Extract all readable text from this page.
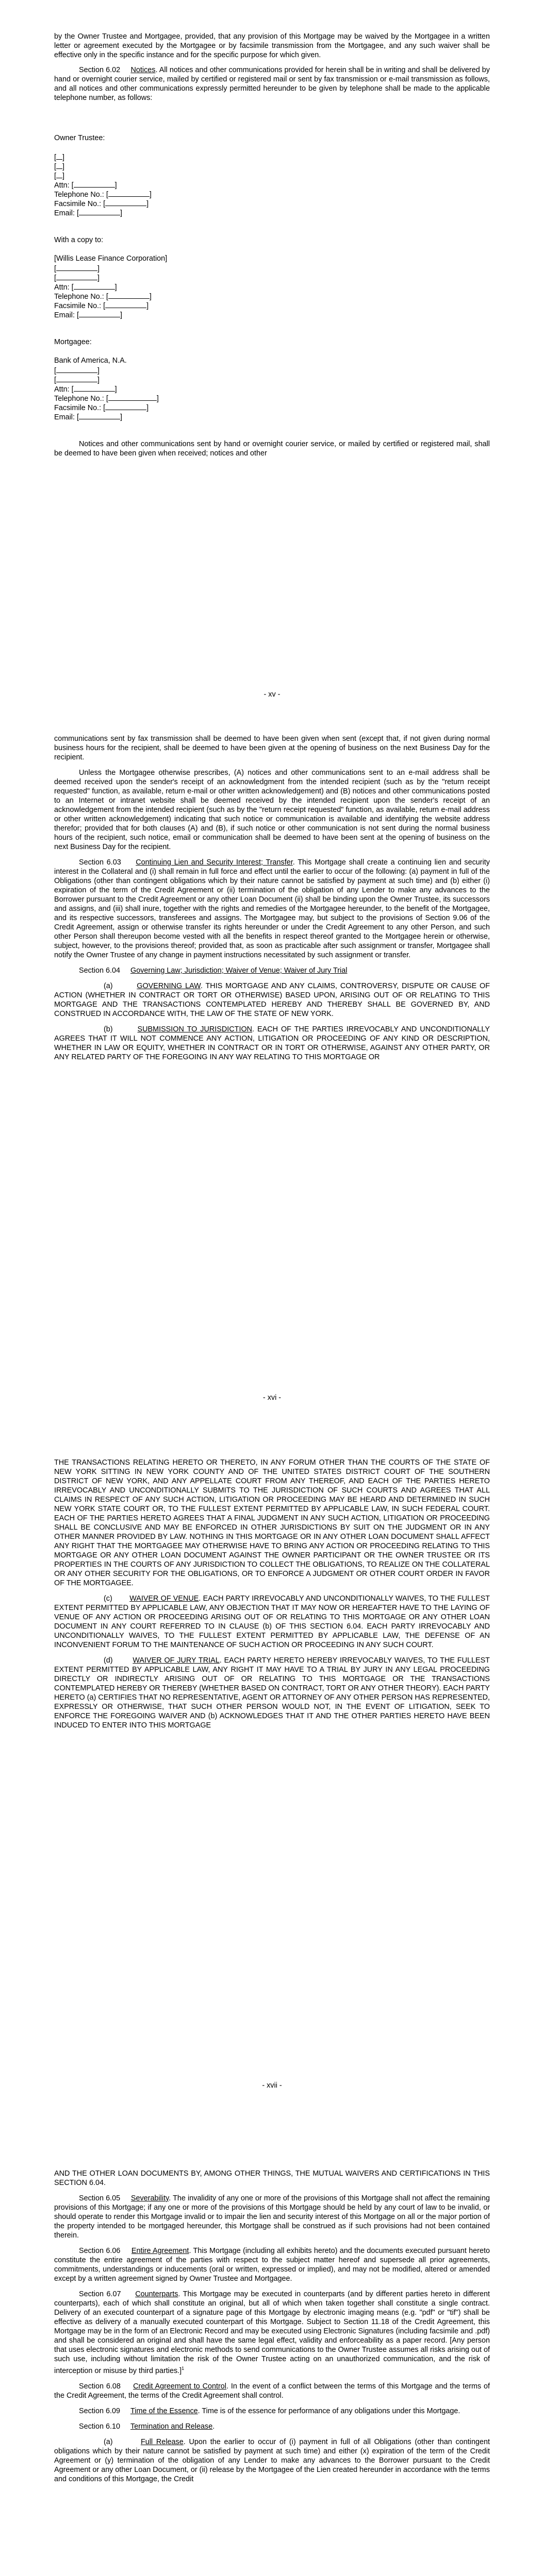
by the Owner Trustee and Mortgagee, provided, that any provision of this Mortgage may be waived by the Mortgagee in a written letter or agreement executed by the Mortgagee or by facsimile transmission from the Mortgagee, and any such waiver shall be effective only in the specific instance and for the specific purpose for which given.

Section 6.02 Notices. All notices and other communications provided for herein shall be in writing and shall be delivered by hand or overnight courier service, mailed by certified or registered mail or sent by fax transmission or e-mail transmission as follows, and all notices and other communications expressly permitted hereunder to be given by telephone shall be made to the applicable telephone number, as follows:

Owner Trustee:
[ ]
[ ]
[ ]
Attn: [	]
Telephone No.: [	]
Facsimile No.: [	]
Email: [	]
With a copy to:
[Willis Lease Finance Corporation]
[	]
[	]
Attn: [	]
Telephone No.: [	]
Facsimile No.: [	]
Email: [	]
Mortgagee:
Bank of America, N.A.
[	]
[	]
Attn: [	]
Telephone No.: [	]
Facsimile No.: [	]
Email: [	]

Notices and other communications sent by hand or overnight courier service, or mailed by certified or registered mail, shall be deemed to have been given when received; notices and other

- xv -

communications sent by fax transmission shall be deemed to have been given when sent (except that, if not given during normal business hours for the recipient, shall be deemed to have been given at the opening of business on the next Business Day for the recipient.

Unless the Mortgagee otherwise prescribes, (A) notices and other communications sent to an e-mail address shall be deemed received upon the sender's receipt of an acknowledgment from the intended recipient (such as by the "return receipt requested" function, as available, return e-mail or other written acknowledgement) and (B) notices and other communications posted to an Internet or intranet website shall be deemed received by the intended recipient upon the sender's receipt of an acknowledgement from the intended recipient (such as by the "return receipt requested" function, as available, return e-mail address or other written acknowledgement) indicating that such notice or communication is available and identifying the website address therefor; provided that for both clauses (A) and (B), if such notice or other communication is not sent during the normal business hours of the recipient, such notice, email or communication shall be deemed to have been sent at the opening of business on the next Business Day for the recipient.

Section 6.03 Continuing Lien and Security Interest; Transfer. This Mortgage shall create a continuing lien and security interest in the Collateral and (i) shall remain in full force and effect until the earlier to occur of the following: (a) payment in full of the Obligations (other than contingent obligations which by their nature cannot be satisfied by payment at such time) and (b) either (i) expiration of the term of the Credit Agreement or (ii) termination of the obligation of any Lender to make any advances to the Borrower pursuant to the Credit Agreement or any other Loan Document (ii) shall be binding upon the Owner Trustee, its successors and assigns, and (iii) shall inure, together with the rights and remedies of the Mortgagee hereunder, to the benefit of the Mortgagee, and its respective successors, transferees and assigns. The Mortgagee may, but subject to the provisions of Section 9.06 of the Credit Agreement, assign or otherwise transfer its rights hereunder or under the Credit Agreement to any other Person, and such other Person shall thereupon become vested with all the benefits in respect thereof granted to the Mortgagee herein or otherwise, subject, however, to the provisions thereof; provided that, as soon as practicable after such assignment or transfer, Mortgagee shall notify the Owner Trustee of any change in payment instructions necessitated by such assignment or transfer.

Section 6.04 Governing Law; Jurisdiction; Waiver of Venue; Waiver of Jury Trial

(a)	GOVERNING LAW. THIS MORTGAGE AND ANY CLAIMS, CONTROVERSY, DISPUTE OR CAUSE OF ACTION (WHETHER IN CONTRACT OR TORT OR OTHERWISE) BASED UPON, ARISING OUT OF OR RELATING TO THIS MORTGAGE AND THE TRANSACTIONS CONTEMPLATED HEREBY AND THEREBY SHALL BE GOVERNED BY, AND CONSTRUED IN ACCORDANCE WITH, THE LAW OF THE STATE OF NEW YORK.

(b)	SUBMISSION TO JURISDICTION. EACH OF THE PARTIES IRREVOCABLY AND UNCONDITIONALLY AGREES THAT IT WILL NOT COMMENCE ANY ACTION, LITIGATION OR PROCEEDING OF ANY KIND OR DESCRIPTION, WHETHER IN LAW OR EQUITY, WHETHER IN CONTRACT OR IN TORT OR OTHERWISE, AGAINST ANY OTHER PARTY, OR ANY RELATED PARTY OF THE FOREGOING IN ANY WAY RELATING TO THIS MORTGAGE OR

- xvi -

THE TRANSACTIONS RELATING HERETO OR THERETO, IN ANY FORUM OTHER THAN THE COURTS OF THE STATE OF NEW YORK SITTING IN NEW YORK COUNTY AND OF THE UNITED STATES DISTRICT COURT OF THE SOUTHERN DISTRICT OF NEW YORK, AND ANY APPELLATE COURT FROM ANY THEREOF, AND EACH OF THE PARTIES HERETO IRREVOCABLY AND UNCONDITIONALLY SUBMITS TO THE JURISDICTION OF SUCH COURTS AND AGREES THAT ALL CLAIMS IN RESPECT OF ANY SUCH ACTION, LITIGATION OR PROCEEDING MAY BE HEARD AND DETERMINED IN SUCH NEW YORK STATE COURT OR, TO THE FULLEST EXTENT PERMITTED BY APPLICABLE LAW, IN SUCH FEDERAL COURT. EACH OF THE PARTIES HERETO AGREES THAT A FINAL JUDGMENT IN ANY SUCH ACTION, LITIGATION OR PROCEEDING SHALL BE CONCLUSIVE AND MAY BE ENFORCED IN OTHER JURISDICTIONS BY SUIT ON THE JUDGMENT OR IN ANY OTHER MANNER PROVIDED BY LAW. NOTHING IN THIS MORTGAGE OR IN ANY OTHER LOAN DOCUMENT SHALL AFFECT ANY RIGHT THAT THE MORTGAGEE MAY OTHERWISE HAVE TO BRING ANY ACTION OR PROCEEDING RELATING TO THIS MORTGAGE OR ANY OTHER LOAN DOCUMENT AGAINST THE OWNER PARTICIPANT OR THE OWNER TRUSTEE OR ITS PROPERTIES IN THE COURTS OF ANY JURISDICTION TO COLLECT THE OBLIGATIONS, TO REALIZE ON THE COLLATERAL OR ANY OTHER SECURITY FOR THE OBLIGATIONS, OR TO ENFORCE A JUDGMENT OR OTHER COURT ORDER IN FAVOR OF THE MORTGAGEE.

(c) WAIVER OF VENUE. EACH PARTY IRREVOCABLY AND UNCONDITIONALLY WAIVES, TO THE FULLEST EXTENT PERMITTED BY APPLICABLE LAW, ANY OBJECTION THAT IT MAY NOW OR HEREAFTER HAVE TO THE LAYING OF VENUE OF ANY ACTION OR PROCEEDING ARISING OUT OF OR RELATING TO THIS MORTGAGE OR ANY OTHER LOAN DOCUMENT IN ANY COURT REFERRED TO IN CLAUSE (b) OF THIS SECTION 6.04. EACH PARTY IRREVOCABLY AND UNCONDITIONALLY WAIVES, TO THE FULLEST EXTENT PERMITTED BY APPLICABLE LAW, THE DEFENSE OF AN INCONVENIENT FORUM TO THE MAINTENANCE OF SUCH ACTION OR PROCEEDING IN ANY SUCH COURT.

(d)	WAIVER OF JURY TRIAL. EACH PARTY HERETO HEREBY IRREVOCABLY WAIVES, TO THE FULLEST EXTENT PERMITTED BY APPLICABLE LAW, ANY RIGHT IT MAY HAVE TO A TRIAL BY JURY IN ANY LEGAL PROCEEDING DIRECTLY OR INDIRECTLY ARISING OUT OF OR RELATING TO THIS MORTGAGE OR THE TRANSACTIONS CONTEMPLATED HEREBY OR THEREBY (WHETHER BASED ON CONTRACT, TORT OR ANY OTHER THEORY). EACH PARTY HERETO (a) CERTIFIES THAT NO REPRESENTATIVE, AGENT OR ATTORNEY OF ANY OTHER PERSON HAS REPRESENTED, EXPRESSLY OR OTHERWISE, THAT SUCH OTHER PERSON WOULD NOT, IN THE EVENT OF LITIGATION, SEEK TO ENFORCE THE FOREGOING WAIVER AND (b) ACKNOWLEDGES THAT IT AND THE OTHER PARTIES HERETO HAVE BEEN INDUCED TO ENTER INTO THIS MORTGAGE

- xvii -

AND THE OTHER LOAN DOCUMENTS BY, AMONG OTHER THINGS, THE MUTUAL WAIVERS AND CERTIFICATIONS IN THIS SECTION 6.04.

Section 6.05 Severability. The invalidity of any one or more of the provisions of this Mortgage shall not affect the remaining provisions of this Mortgage; if any one or more of the provisions of this Mortgage should be held by any court of law to be invalid, or should operate to render this Mortgage invalid or to impair the lien and security interest of this Mortgage on all or the major portion of the property intended to be mortgaged hereunder, this Mortgage shall be construed as if such provisions had not been contained therein.

Section 6.06 Entire Agreement. This Mortgage (including all exhibits hereto) and the documents executed pursuant hereto constitute the entire agreement of the parties with respect to the subject matter hereof and supersede all prior agreements, commitments, understandings or inducements (oral or written, expressed or implied), and may not be modified, altered or amended except by a written agreement signed by Owner Trustee and Mortgagee.

Section 6.07 Counterparts. This Mortgage may be executed in counterparts (and by different parties hereto in different counterparts), each of which shall constitute an original, but all of which when taken together shall constitute a single contract. Delivery of an executed counterpart of a signature page of this Mortgage by electronic imaging means (e.g. "pdf" or "tif") shall be effective as delivery of a manually executed counterpart of this Mortgage. Subject to Section 11.18 of the Credit Agreement, this Mortgage may be in the form of an Electronic Record and may be executed using Electronic Signatures (including facsimile and .pdf) and shall be considered an original and shall have the same legal effect, validity and enforceability as a paper record. [Any person that uses electronic signatures and electronic methods to send communications to the Owner Trustee assumes all risks arising out of such use, including without limitation the risk of the Owner Trustee acting on an unauthorized communication, and the risk of interception or misuse by third parties.]$^1$

Section 6.08 Credit Agreement to Control. In the event of a conflict between the terms of this Mortgage and the terms of the Credit Agreement, the terms of the Credit Agreement shall control.

Section 6.09 Time of the Essence. Time is of the essence for performance of any obligations under this Mortgage.

Section 6.10 Termination and Release.

(a)	Full Release. Upon the earlier to occur of (i) payment in full of all Obligations (other than contingent obligations which by their nature cannot be satisfied by payment at such time) and either (x) expiration of the term of the Credit Agreement or (y) termination of the obligation of any Lender to make any advances to the Borrower pursuant to the Credit Agreement or any other Loan Document, or (ii) release by the Mortgagee of the Lien created hereunder in accordance with the terms and conditions of this Mortgage, the Credit
